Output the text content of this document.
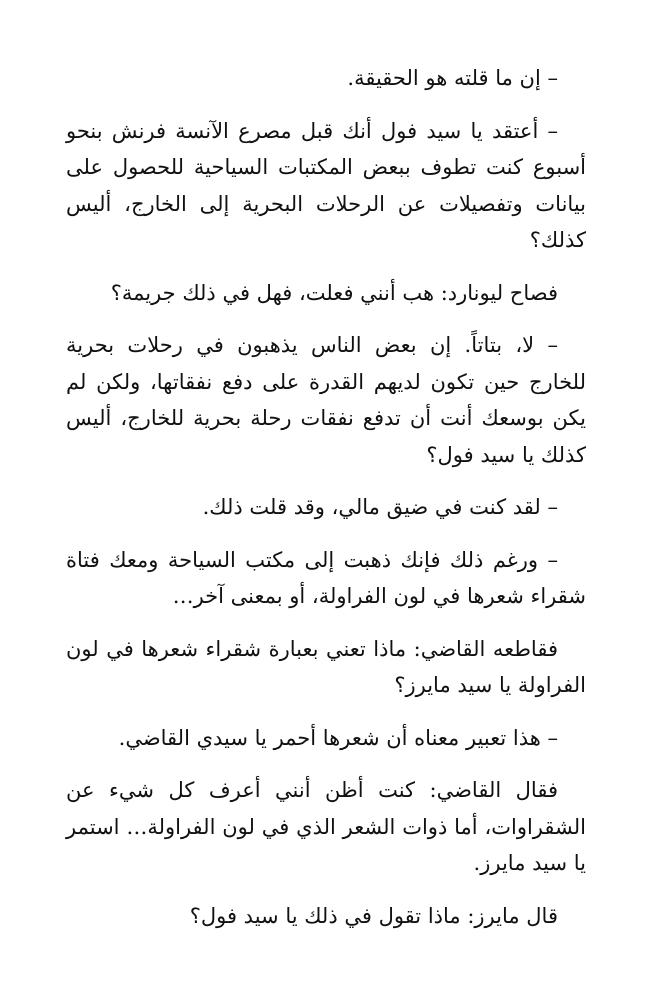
– إن ما قلته هو الحقيقة.

– أعتقد يا سيد فول أنك قبل مصرع الآنسة فرنش بنحو أسبوع كنت تطوف ببعض المكتبات السياحية للحصول على بيانات وتفصيلات عن الرحلات البحرية إلى الخارج، أليس كذلك؟

فصاح ليونارد: هب أنني فعلت، فهل في ذلك جريمة؟

– لا، بتاتاً. إن بعض الناس يذهبون في رحلات بحرية للخارج حين تكون لديهم القدرة على دفع نفقاتها، ولكن لم يكن بوسعك أنت أن تدفع نفقات رحلة بحرية للخارج، أليس كذلك يا سيد فول؟

– لقد كنت في ضيق مالي، وقد قلت ذلك.

– ورغم ذلك فإنك ذهبت إلى مكتب السياحة ومعك فتاة شقراء شعرها في لون الفراولة، أو بمعنى آخر…

فقاطعه القاضي: ماذا تعني بعبارة شقراء شعرها في لون الفراولة يا سيد مايرز؟

– هذا تعبير معناه أن شعرها أحمر يا سيدي القاضي.

فقال القاضي: كنت أظن أنني أعرف كل شيء عن الشقراوات، أما ذوات الشعر الذي في لون الفراولة… استمر يا سيد مايرز.

قال مايرز: ماذا تقول في ذلك يا سيد فول؟
